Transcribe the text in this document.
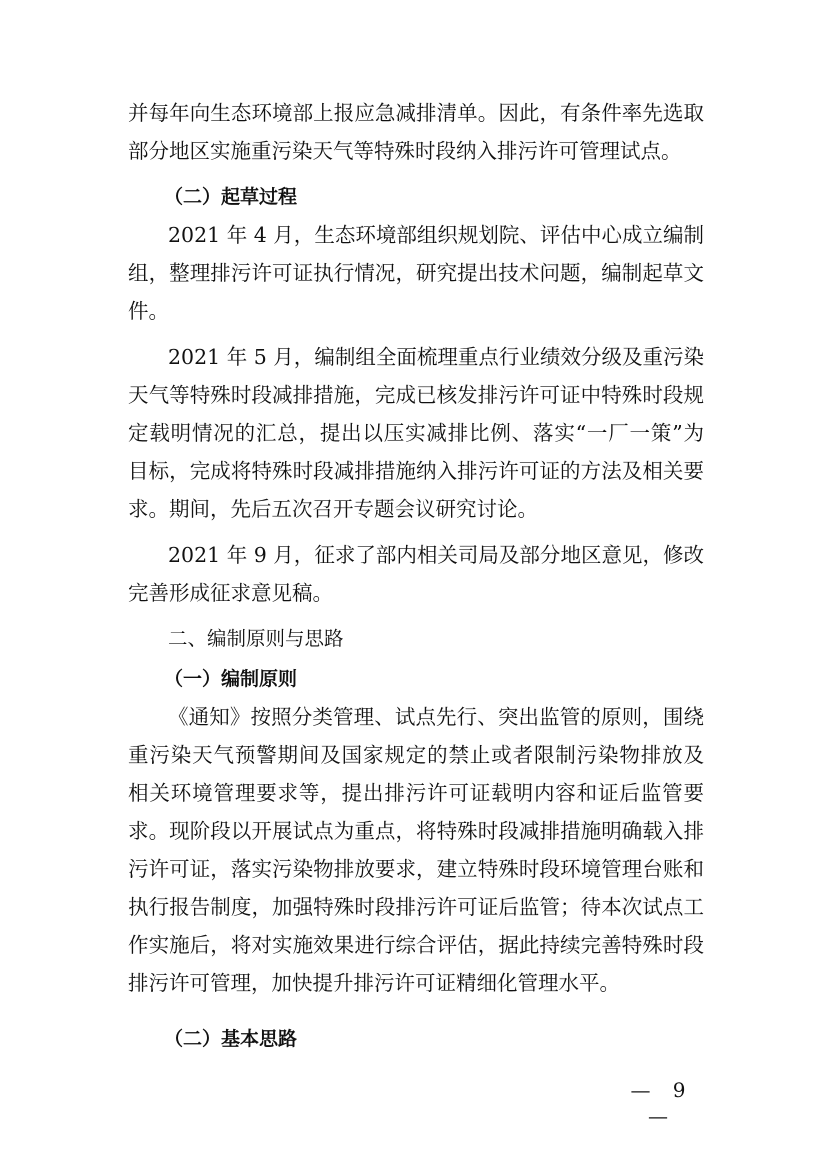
并每年向生态环境部上报应急减排清单。因此，有条件率先选取
部分地区实施重污染天气等特殊时段纳入排污许可管理试点。
（二）起草过程
2021 年 4 月，生态环境部组织规划院、评估中心成立编制
组，整理排污许可证执行情况，研究提出技术问题，编制起草文
件。
2021 年 5 月，编制组全面梳理重点行业绩效分级及重污染
天气等特殊时段减排措施，完成已核发排污许可证中特殊时段规
定载明情况的汇总，提出以压实减排比例、落实“一厂一策”为
目标，完成将特殊时段减排措施纳入排污许可证的方法及相关要
求。期间，先后五次召开专题会议研究讨论。
2021 年 9 月，征求了部内相关司局及部分地区意见，修改
完善形成征求意见稿。
二、编制原则与思路
（一）编制原则
《通知》按照分类管理、试点先行、突出监管的原则，围绕
重污染天气预警期间及国家规定的禁止或者限制污染物排放及
相关环境管理要求等，提出排污许可证载明内容和证后监管要
求。现阶段以开展试点为重点，将特殊时段减排措施明确载入排
污许可证，落实污染物排放要求，建立特殊时段环境管理台账和
执行报告制度，加强特殊时段排污许可证后监管；待本次试点工
作实施后，将对实施效果进行综合评估，据此持续完善特殊时段
排污许可管理，加快提升排污许可证精细化管理水平。
（二）基本思路
— 9 —
